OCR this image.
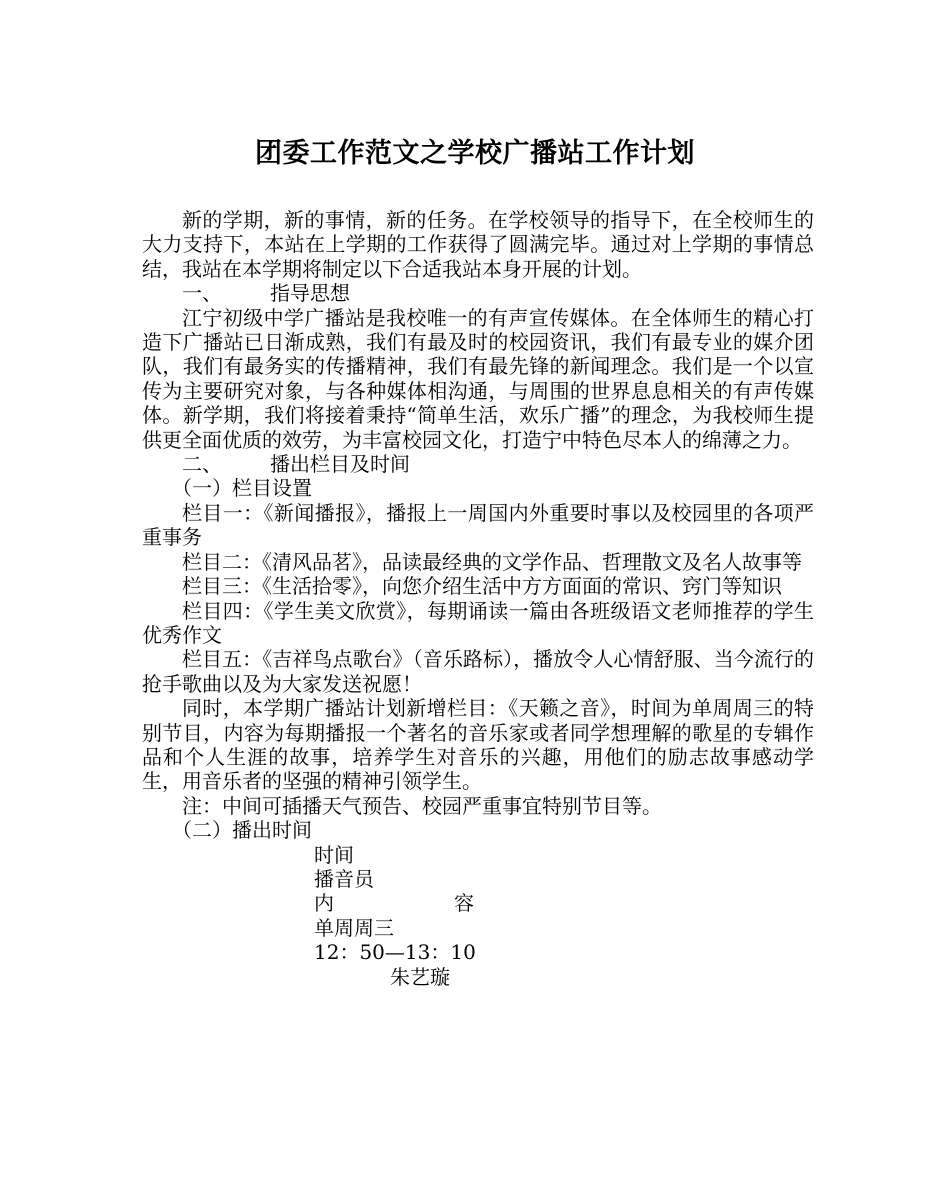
团委工作范文之学校广播站工作计划

新的学期，新的事情，新的任务。在学校领导的指导下，在全校师生的大力支持下，本站在上学期的工作获得了圆满完毕。通过对上学期的事情总结，我站在本学期将制定以下合适我站本身开展的计划。

一、 指导思想

江宁初级中学广播站是我校唯一的有声宣传媒体。在全体师生的精心打造下广播站已日渐成熟，我们有最及时的校园资讯，我们有最专业的媒介团队，我们有最务实的传播精神，我们有最先锋的新闻理念。我们是一个以宣传为主要研究对象，与各种媒体相沟通，与周围的世界息息相关的有声传媒体。新学期，我们将接着秉持“简单生活，欢乐广播”的理念，为我校师生提供更全面优质的效劳，为丰富校园文化，打造宁中特色尽本人的绵薄之力。

二、 播出栏目及时间

（一）栏目设置

栏目一：《新闻播报》，播报上一周国内外重要时事以及校园里的各项严重事务

栏目二：《清风品茗》，品读最经典的文学作品、哲理散文及名人故事等

栏目三：《生活拾零》，向您介绍生活中方方面面的常识、窍门等知识

栏目四：《学生美文欣赏》，每期诵读一篇由各班级语文老师推荐的学生优秀作文

栏目五：《吉祥鸟点歌台》（音乐路标），播放令人心情舒服、当今流行的抢手歌曲以及为大家发送祝愿！

同时，本学期广播站计划新增栏目：《天籁之音》，时间为单周周三的特别节目，内容为每期播报一个著名的音乐家或者同学想理解的歌星的专辑作品和个人生涯的故事，培养学生对音乐的兴趣，用他们的励志故事感动学生，用音乐者的坚强的精神引领学生。

注：中间可插播天气预告、校园严重事宜特别节目等。

（二）播出时间

时间
播音员
内　　　　　　容
单周周三
12：50—13：10
朱艺璇
